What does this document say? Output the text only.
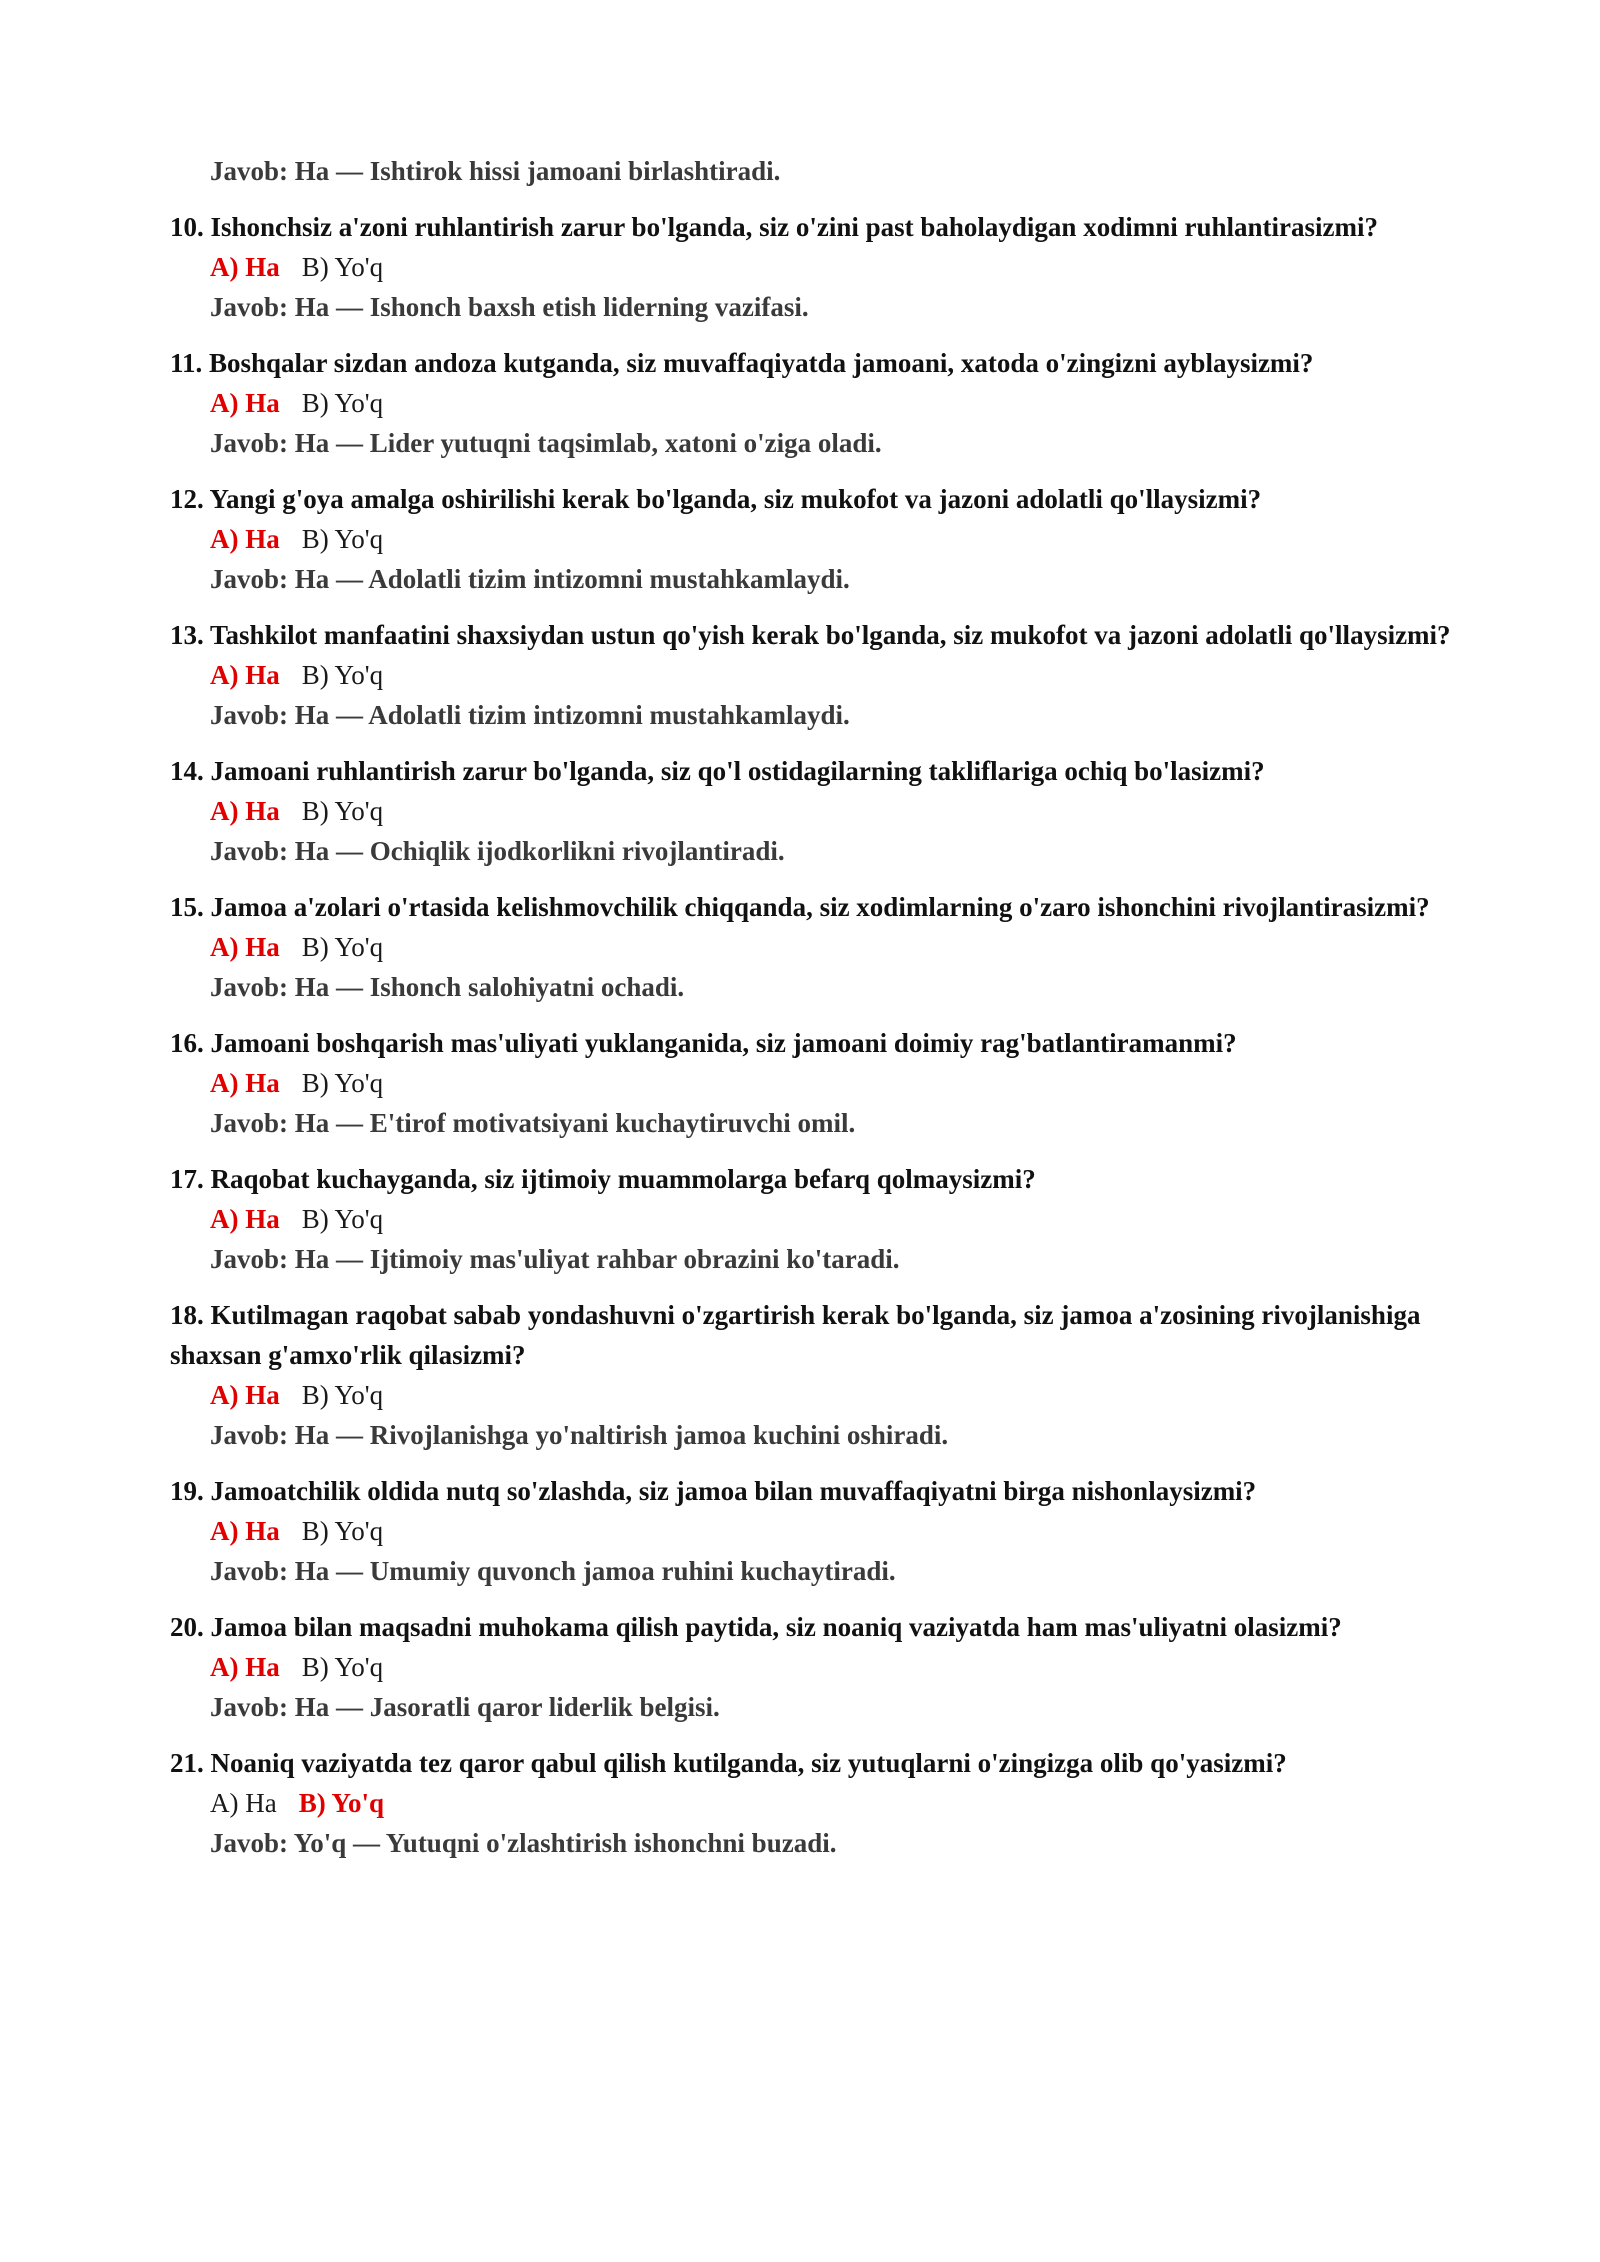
Javob: Ha — Ishtirok hissi jamoani birlashtiradi.
10. Ishonchsiz a'zoni ruhlantirish zarur bo'lganda, siz o'zini past baholaydigan xodimni ruhlantirasizmi?
A) Ha B) Yo'q
Javob: Ha — Ishonch baxsh etish liderning vazifasi.
11. Boshqalar sizdan andoza kutganda, siz muvaffaqiyatda jamoani, xatoda o'zingizni ayblaysizmi?
A) Ha B) Yo'q
Javob: Ha — Lider yutuqni taqsimlab, xatoni o'ziga oladi.
12. Yangi g'oya amalga oshirilishi kerak bo'lganda, siz mukofot va jazoni adolatli qo'llaysizmi?
A) Ha B) Yo'q
Javob: Ha — Adolatli tizim intizomni mustahkamlaydi.
13. Tashkilot manfaatini shaxsiydan ustun qo'yish kerak bo'lganda, siz mukofot va jazoni adolatli qo'llaysizmi?
A) Ha B) Yo'q
Javob: Ha — Adolatli tizim intizomni mustahkamlaydi.
14. Jamoani ruhlantirish zarur bo'lganda, siz qo'l ostidagilarning takliflariga ochiq bo'lasizmi?
A) Ha B) Yo'q
Javob: Ha — Ochiqlik ijodkorlikni rivojlantiradi.
15. Jamoa a'zolari o'rtasida kelishmovchilik chiqqanda, siz xodimlarning o'zaro ishonchini rivojlantirasizmi?
A) Ha B) Yo'q
Javob: Ha — Ishonch salohiyatni ochadi.
16. Jamoani boshqarish mas'uliyati yuklanganida, siz jamoani doimiy rag'batlantiramanmi?
A) Ha B) Yo'q
Javob: Ha — E'tirof motivatsiyani kuchaytiruvchi omil.
17. Raqobat kuchayganda, siz ijtimoiy muammolarga befarq qolmaysizmi?
A) Ha B) Yo'q
Javob: Ha — Ijtimoiy mas'uliyat rahbar obrazini ko'taradi.
18. Kutilmagan raqobat sabab yondashuvni o'zgartirish kerak bo'lganda, siz jamoa a'zosining rivojlanishiga shaxsan g'amxo'rlik qilasizmi?
A) Ha B) Yo'q
Javob: Ha — Rivojlanishga yo'naltirish jamoa kuchini oshiradi.
19. Jamoatchilik oldida nutq so'zlashda, siz jamoa bilan muvaffaqiyatni birga nishonlaysizmi?
A) Ha B) Yo'q
Javob: Ha — Umumiy quvonch jamoa ruhini kuchaytiradi.
20. Jamoa bilan maqsadni muhokama qilish paytida, siz noaniq vaziyatda ham mas'uliyatni olasizmi?
A) Ha B) Yo'q
Javob: Ha — Jasoratli qaror liderlik belgisi.
21. Noaniq vaziyatda tez qaror qabul qilish kutilganda, siz yutuqlarni o'zingizga olib qo'yasizmi?
A) Ha B) Yo'q
Javob: Yo'q — Yutuqni o'zlashtirish ishonchni buzadi.
